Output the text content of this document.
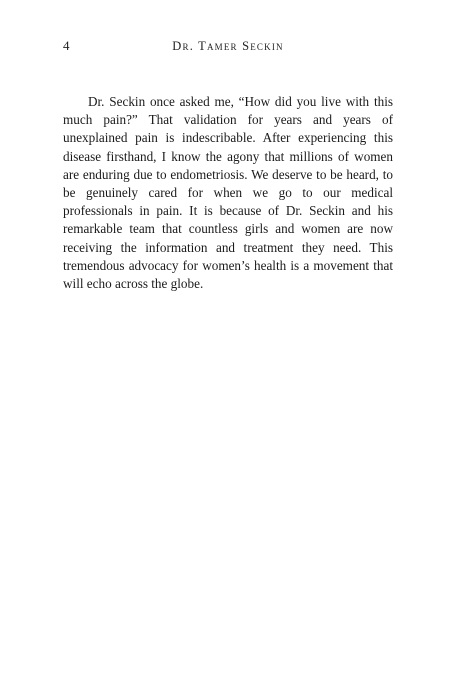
4	Dr. Tamer Seckin

Dr. Seckin once asked me, “How did you live with this much pain?” That validation for years and years of unexplained pain is indescribable. After experiencing this disease firsthand, I know the agony that millions of women are enduring due to endometriosis. We deserve to be heard, to be genuinely cared for when we go to our medical professionals in pain. It is because of Dr. Seckin and his remarkable team that countless girls and women are now receiving the information and treatment they need. This tremendous advocacy for women’s health is a movement that will echo across the globe.
